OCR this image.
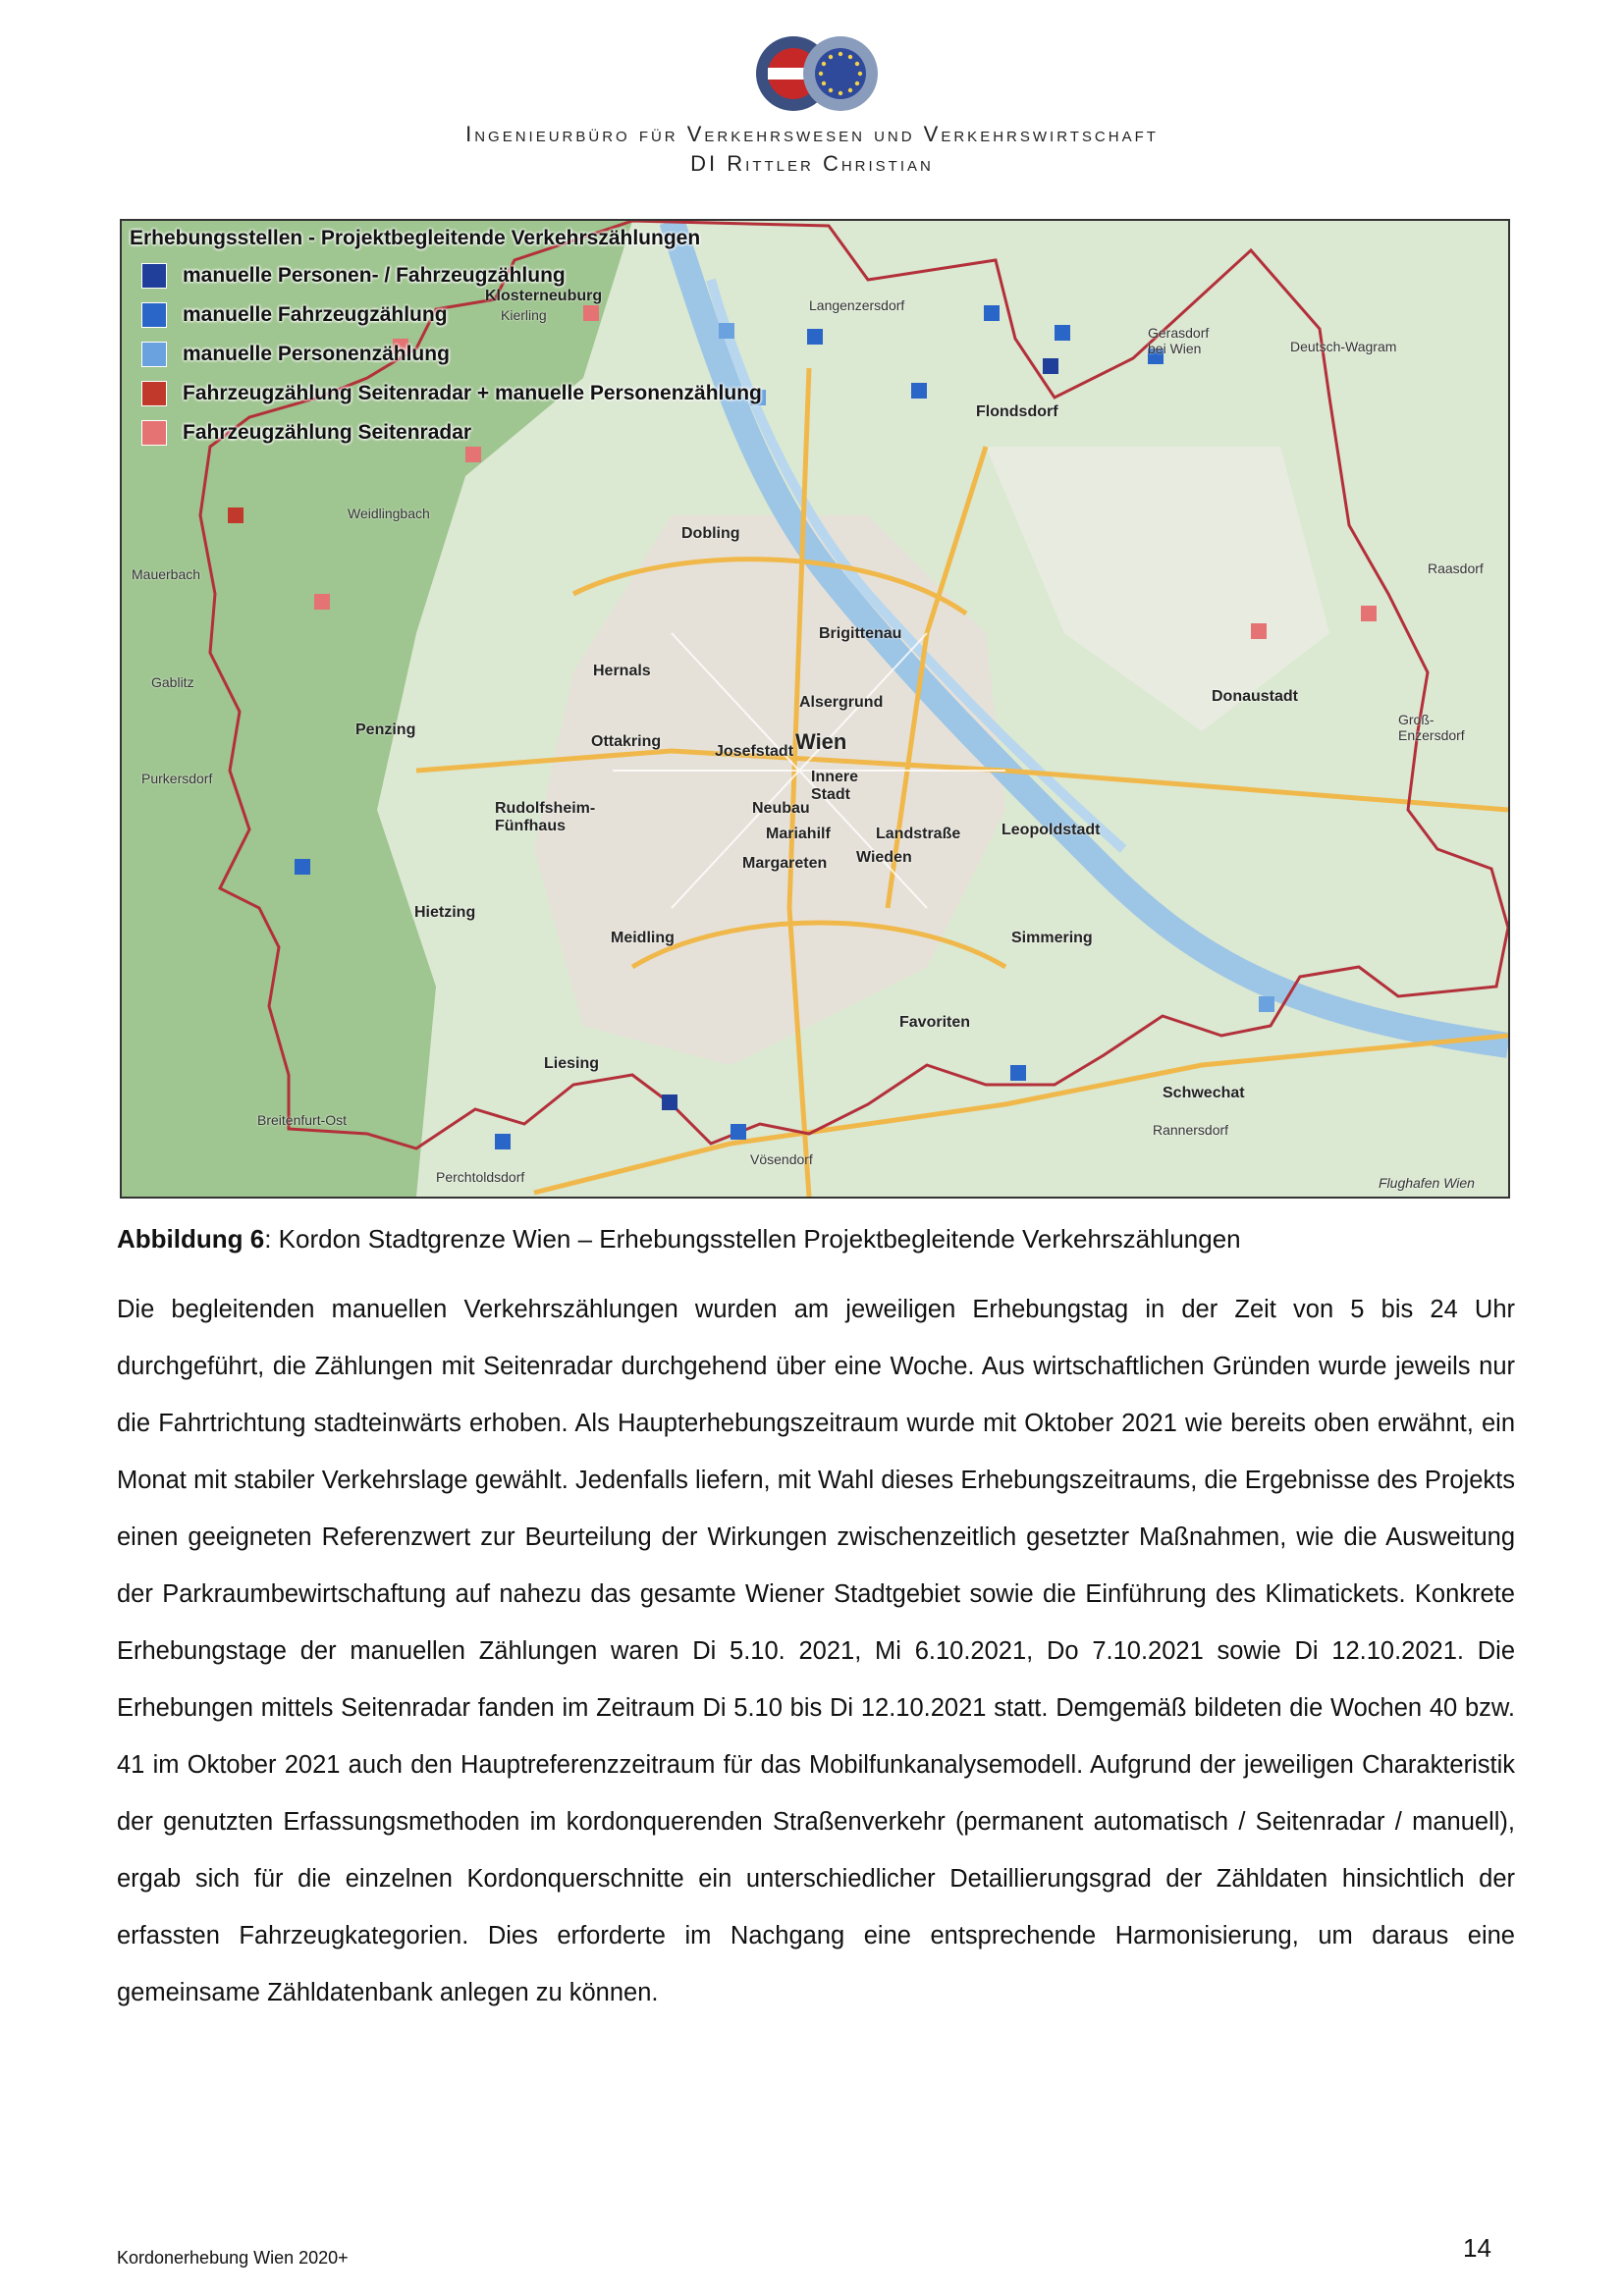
Ingenieurbüro für Verkehrswesen und Verkehrswirtschaft
DI Rittler Christian
Klosterneuburg
Langenzersdorf
Flondsdorf
Gerasdorf bei Wien	Deutsch-Wagram
Kierling
Weidlingbach
Dobling
Mauerbach
Hernals
Brigittenau
Alsergrund
Wien
Gablitz
Penzing
Ottakring
Josefstadt
Innere Stadt
Donaustadt
Groß-Enzersdorf
Purkersdorf
Rudolfsheim-Fünfhaus
Neubau
Mariahilf	Landstraße	Leopoldstadt
Wieden
Margareten
Hietzing
Meidling	Simmering
Favoriten
Liesing
Schwechat
Breitenfurt-Ost
Perchtoldsdorf
Vösendorf
Rannersdorf
Raasdorf
Flughafen Wien
Erhebungsstellen - Projektbegleitende Verkehrszählungen
manuelle Personen- / Fahrzeugzählung
manuelle Fahrzeugzählung
manuelle Personenzählung
Fahrzeugzählung Seitenradar + manuelle Personenzählung
Fahrzeugzählung Seitenradar
Abbildung 6: Kordon Stadtgrenze Wien – Erhebungsstellen Projektbegleitende Verkehrszählungen

Die begleitenden manuellen Verkehrszählungen wurden am jeweiligen Erhebungstag in der Zeit von 5 bis 24 Uhr durchgeführt, die Zählungen mit Seitenradar durchgehend über eine Woche. Aus wirtschaftlichen Gründen wurde jeweils nur die Fahrtrichtung stadteinwärts erhoben. Als Haupterhebungszeitraum wurde mit Oktober 2021 wie bereits oben erwähnt, ein Monat mit stabiler Verkehrslage gewählt. Jedenfalls liefern, mit Wahl dieses Erhebungszeitraums, die Ergebnisse des Projekts einen geeigneten Referenzwert zur Beurteilung der Wirkungen zwischenzeitlich gesetzter Maßnahmen, wie die Ausweitung der Parkraumbewirtschaftung auf nahezu das gesamte Wiener Stadtgebiet sowie die Einführung des Klimatickets. Konkrete Erhebungstage der manuellen Zählungen waren Di 5.10. 2021, Mi 6.10.2021, Do 7.10.2021 sowie Di 12.10.2021. Die Erhebungen mittels Seitenradar fanden im Zeitraum Di 5.10 bis Di 12.10.2021 statt. Demgemäß bildeten die Wochen 40 bzw. 41 im Oktober 2021 auch den Hauptreferenzzeitraum für das Mobilfunkanalysemodell. Aufgrund der jeweiligen Charakteristik der genutzten Erfassungsmethoden im kordonquerenden Straßenverkehr (permanent automatisch / Seitenradar / manuell), ergab sich für die einzelnen Kordonquerschnitte ein unterschiedlicher Detaillierungsgrad der Zähldaten hinsichtlich der erfassten Fahrzeugkategorien. Dies erforderte im Nachgang eine entsprechende Harmonisierung, um daraus eine gemeinsame Zähldatenbank anlegen zu können.

Kordonerhebung Wien 2020+	14
